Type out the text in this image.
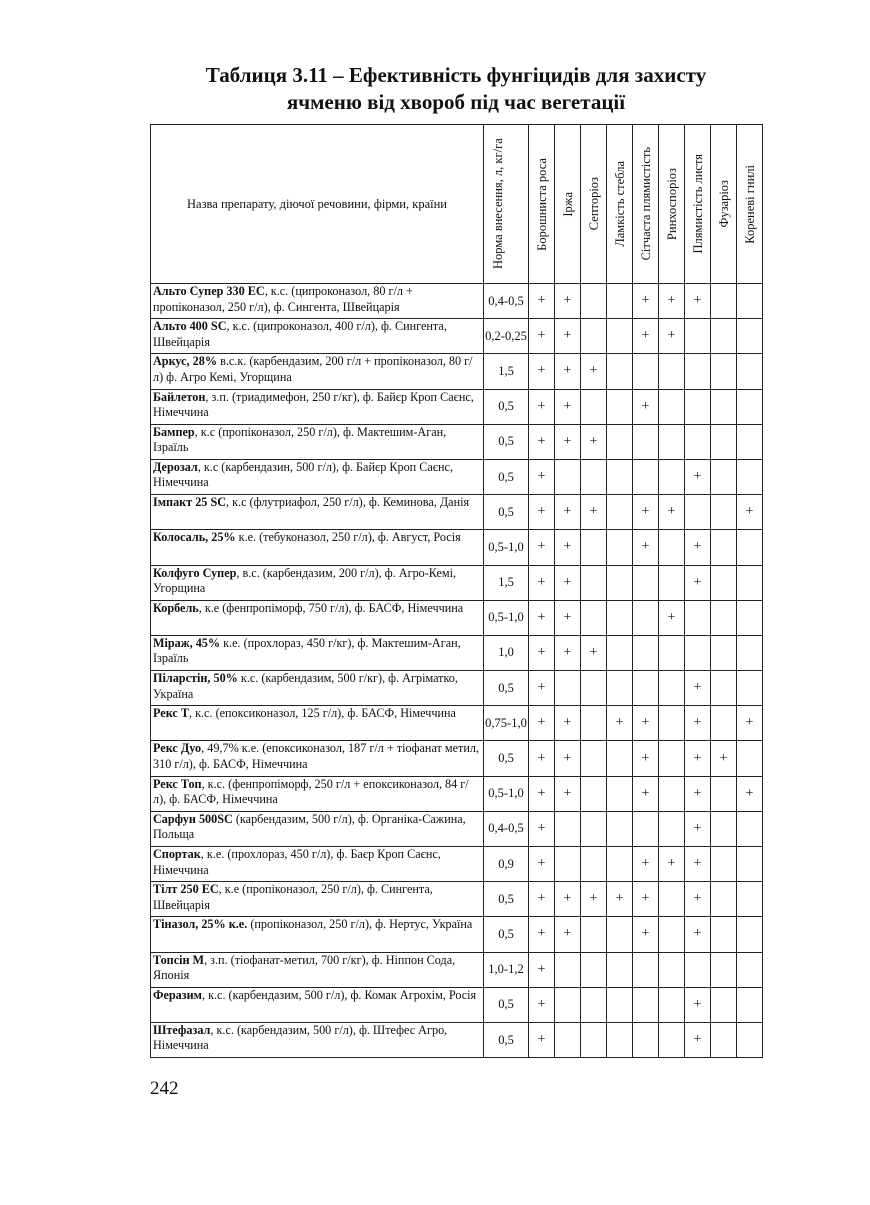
Таблиця 3.11 – Ефективність фунгіцидів для захисту
ячменю від хвороб під час вегетації
Назва препарату, діючої речовини, фірми, країни	Норма внесення, л, кг/га	Борошниста роса	Іржа	Септоріоз	Ламкість стебла	Сітчаста плямистість	Ринхоспоріоз	Плямистість листя	Фузаріоз	Кореневі гнилі

Альто Супер 330 ЕС, к.с. (ципроконазол, 80 г/л + пропіконазол, 250 г/л), ф. Сингента, Швейцарія	0,4-0,5	+	+			+	+	+		
Альто 400 SC, к.с. (ципроконазол, 400 г/л), ф. Сингента, Швейцарія	0,2-0,25	+	+			+	+			
Аркус, 28% в.с.к. (карбендазим, 200 г/л + пропіконазол, 80 г/л) ф. Агро Кемі, Угорщина	1,5	+	+	+						
Байлетон, з.п. (триадимефон, 250 г/кг), ф. Байєр Кроп Саєнс, Німеччина	0,5	+	+			+				
Бампер, к.с (пропіконазол, 250 г/л), ф. Мактешим-Аган, Ізраїль	0,5	+	+	+						
Дерозал, к.с (карбендазин, 500 г/л), ф. Байєр Кроп Саєнс, Німеччина	0,5	+						+		
Імпакт 25 SC, к.с (флутриафол, 250 г/л), ф. Кеминова, Данія	0,5	+	+	+		+	+			+
Колосаль, 25% к.е. (тебуконазол, 250 г/л), ф. Август, Росія	0,5-1,0	+	+			+		+		
Колфуго Супер, в.с. (карбендазим, 200 г/л), ф. Агро-Кемі, Угорщина	1,5	+	+					+		
Корбель, к.е (фенпропіморф, 750 г/л), ф. БАСФ, Німеччина	0,5-1,0	+	+				+			
Міраж, 45% к.е. (прохлораз, 450 г/кг), ф. Мактешим-Аган, Ізраїль	1,0	+	+	+						
Піларстін, 50% к.с. (карбендазим, 500 г/кг), ф. Агріматко, Україна	0,5	+						+		
Рекс Т, к.с. (епоксиконазол, 125 г/л), ф. БАСФ, Німеччина	0,75-1,0	+	+		+	+		+		+
Рекс Дуо, 49,7% к.е. (епоксиконазол, 187 г/л + тіофанат метил, 310 г/л), ф. БАСФ, Німеччина	0,5	+	+			+		+	+	
Рекс Топ, к.с. (фенпропіморф, 250 г/л + епоксиконазол, 84 г/л), ф. БАСФ, Німеччина	0,5-1,0	+	+			+		+		+
Сарфун 500SC (карбендазим, 500 г/л), ф. Органіка-Сажина, Польща	0,4-0,5	+						+		
Спортак, к.е. (прохлораз, 450 г/л), ф. Баєр Кроп Саєнс, Німеччина	0,9	+				+	+	+		
Тілт 250 ЕС, к.е (пропіконазол, 250 г/л), ф. Сингента, Швейцарія	0,5	+	+	+	+	+		+		
Тіназол, 25% к.е. (пропіконазол, 250 г/л), ф. Нертус, Україна	0,5	+	+			+		+		
Топсін М, з.п. (тіофанат-метил, 700 г/кг), ф. Ніппон Сода, Японія	1,0-1,2	+								
Феразим, к.с. (карбендазим, 500 г/л), ф. Комак Агрохім, Росія	0,5	+						+		
Штефазал, к.с. (карбендазим, 500 г/л), ф. Штефес Агро, Німеччина	0,5	+						+		
242
